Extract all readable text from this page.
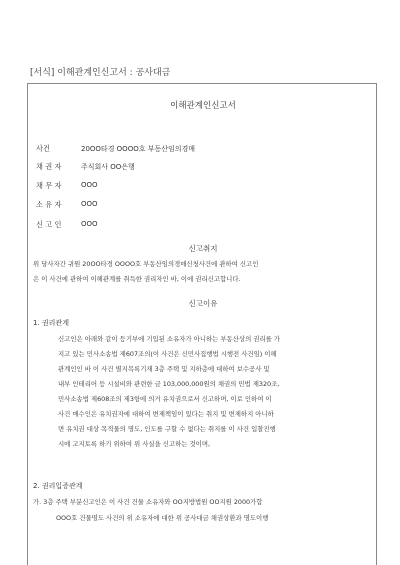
[서식] 이해관계인신고서 : 공사대금
이해관계인신고서
사건	20OO타경 OOOO호 부동산임의경매
채 권 자	주식회사 OO은행
채 무 자	OOO
소 유 자	OOO
신 고 인	OOO
신고취지
위 당사자간 귀원 20OO타경 OOOO호 부동산임의경매신청사건에 관하여 신고인
은 이 사건에 관하여 이해관계를 취득한 권리자인 바, 이에 권리신고합니다.
신고이유
1. 권리관계
신고인은 아래와 같이 등기부에 기입된 소유자가 아니하는 부동산상의 권리를 가
지고 있는 민사소송법 제607조의(이 사건은 신민사집행법 시행전 사건임) 이해
관계인인 바 이 사건 별지목록기재 3층 주택 및 지하층에 대하여 보수공사 및
내부 인테리어 등 시설비와 관련한 금 103,000,000원의 채권의 민법 제320조,
민사소송법 제608조의 제3항에 의거 유치권으로서 신고하며, 이로 인하여 이
사건 매수인은 유치권자에 대하여 변제책임이 있다는 취지 및 변제하지 아니하
면 유치권 대상 목적물의 명도, 인도를 구할 수 없다는 취지를 이 사건 입찰진행
시에 고지토록 하기 위하여 위 사실을 신고하는 것이며,
2. 권리입증관계
가. 3층 주택 부분신고인은 이 사건 건물 소유자와 OO지방법원 OO지원 2000가합
OOO호 건물명도 사건의 위 소유자에 대한 위 공사대금 채권상환과 명도이행
